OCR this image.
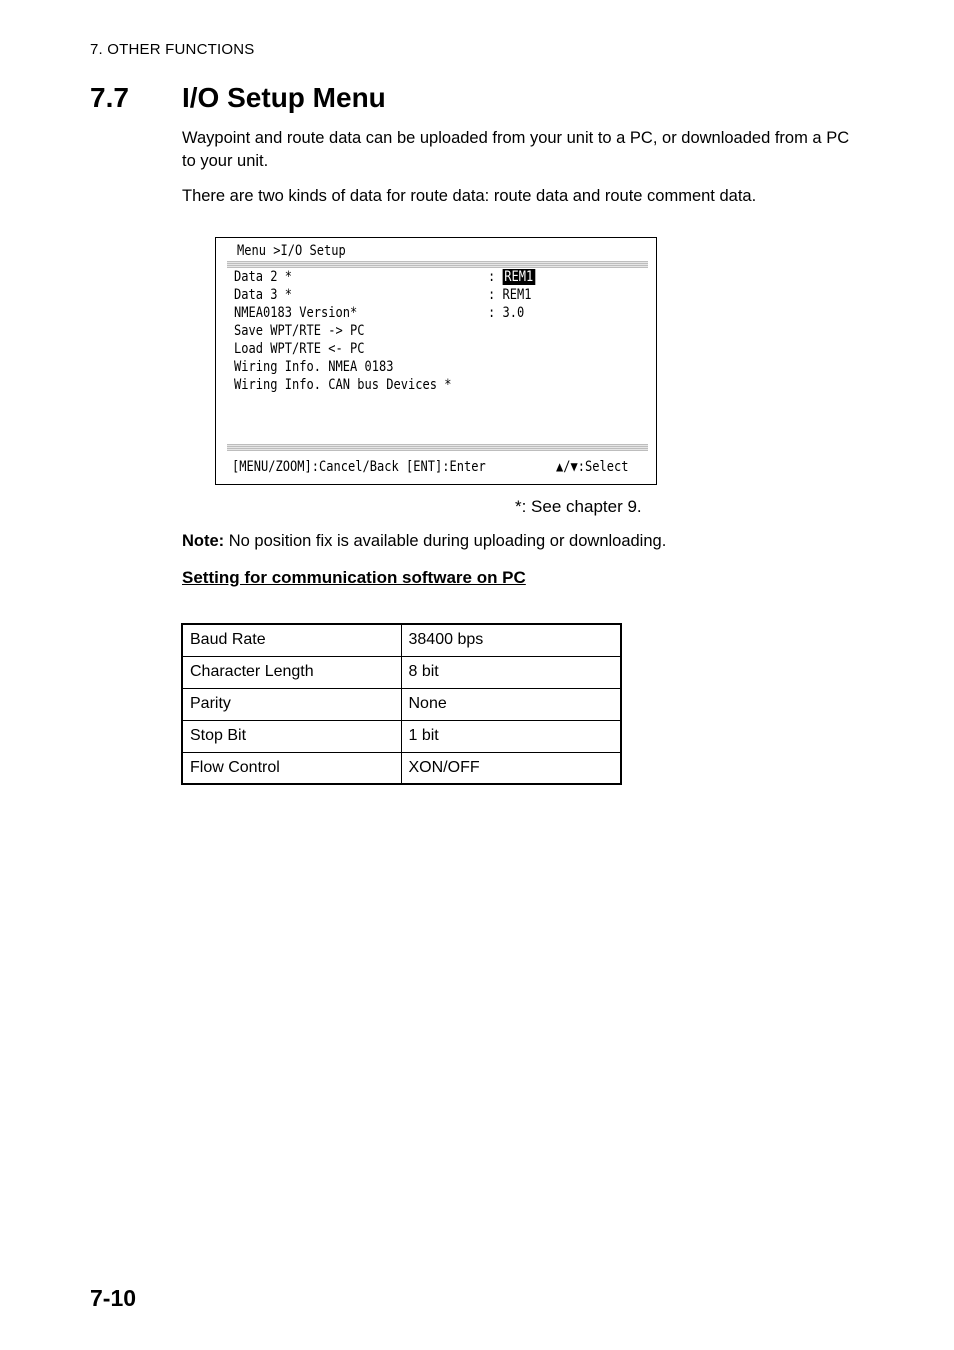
7. OTHER FUNCTIONS
7.7 I/O Setup Menu

Waypoint and route data can be uploaded from your unit to a PC, or downloaded from a PC to your unit.

There are two kinds of data for route data: route data and route comment data.

Menu >I/O Setup
Data 2 *	: REM1
Data 3 *	: REM1
NMEA0183 Version*	: 3.0
Save WPT/RTE -> PC
Load WPT/RTE <- PC
Wiring Info. NMEA 0183
Wiring Info. CAN bus Devices *
[MENU/ZOOM]:Cancel/Back [ENT]:Enter	▲/▼:Select
*: See chapter 9.
Note: No position fix is available during uploading or downloading.
Setting for communication software on PC
Baud Rate	38400 bps
Character Length	8 bit
Parity	None
Stop Bit	1 bit
Flow Control	XON/OFF
7-10
